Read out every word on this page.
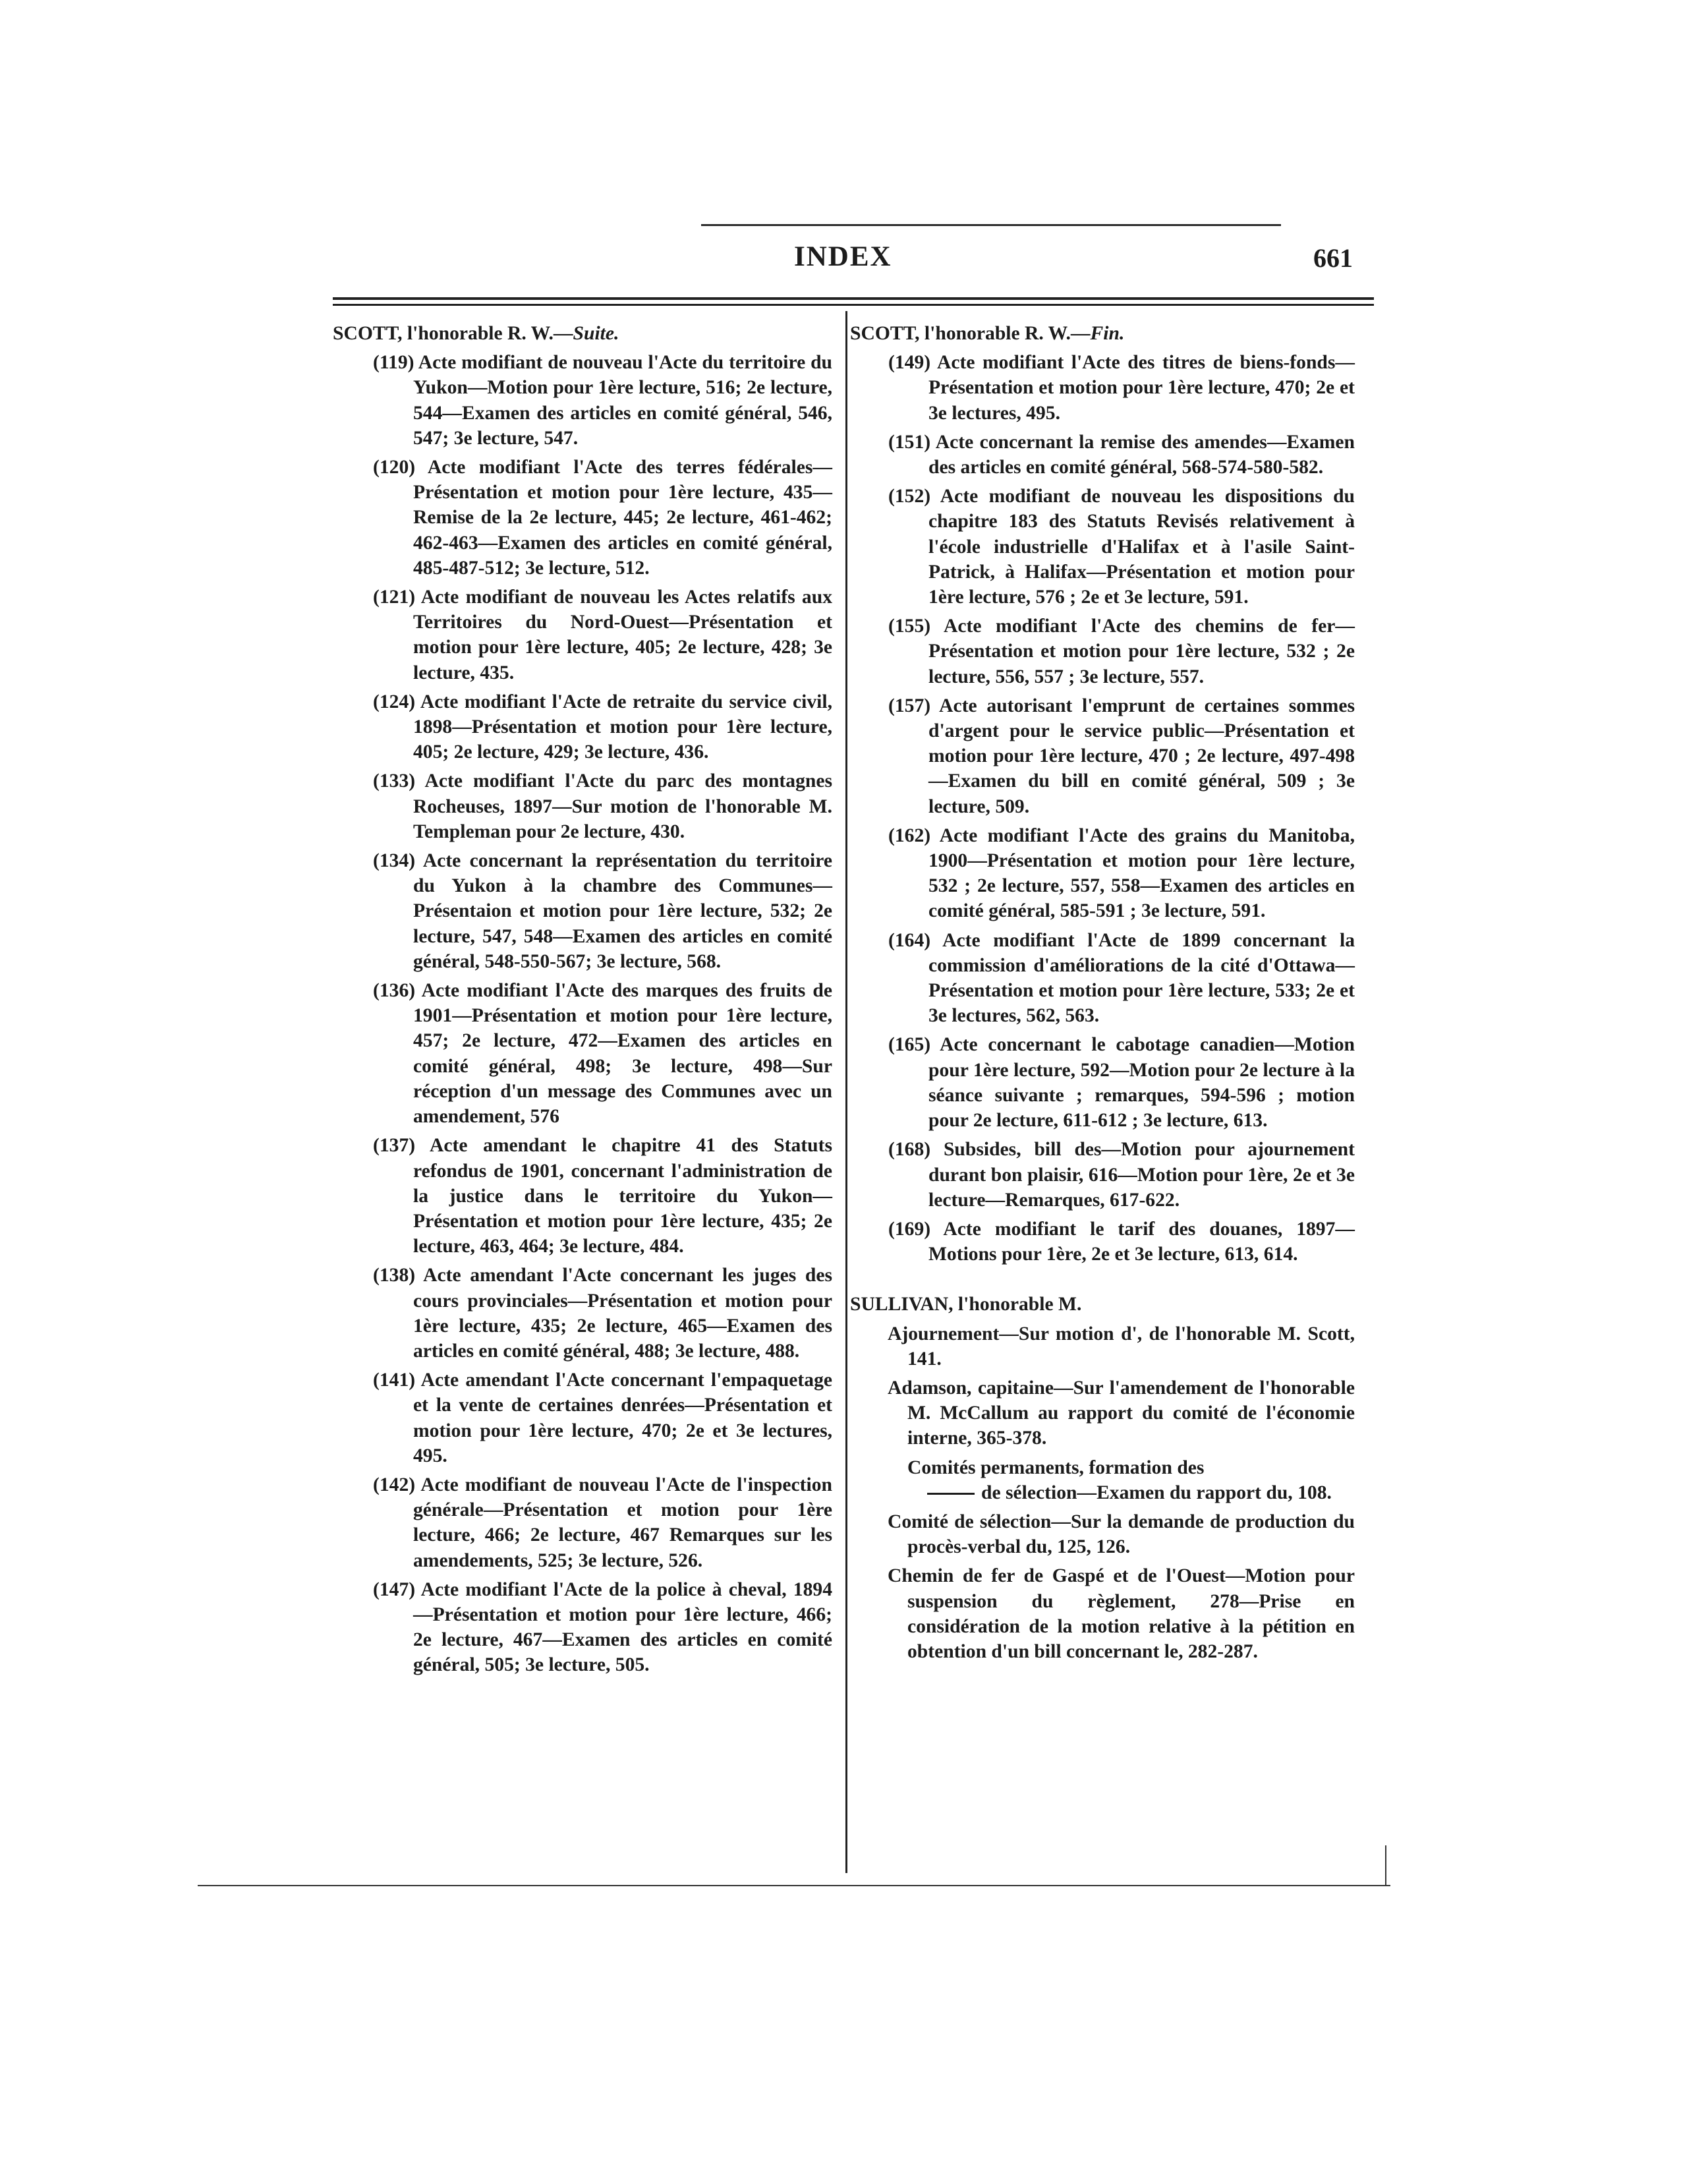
INDEX	661
SCOTT, l'honorable R. W.—Suite.
(119) Acte modifiant de nouveau l'Acte du territoire du Yukon—Motion pour 1ère lecture, 516; 2e lecture, 544—Examen des articles en comité général, 546, 547; 3e lecture, 547.
(120) Acte modifiant l'Acte des terres fédérales—Présentation et motion pour 1ère lecture, 435—Remise de la 2e lecture, 445; 2e lecture, 461-462; 462-463—Examen des articles en comité général, 485-487-512; 3e lecture, 512.
(121) Acte modifiant de nouveau les Actes relatifs aux Territoires du Nord-Ouest—Présentation et motion pour 1ère lecture, 405; 2e lecture, 428; 3e lecture, 435.
(124) Acte modifiant l'Acte de retraite du service civil, 1898—Présentation et motion pour 1ère lecture, 405; 2e lecture, 429; 3e lecture, 436.
(133) Acte modifiant l'Acte du parc des montagnes Rocheuses, 1897—Sur motion de l'honorable M. Templeman pour 2e lecture, 430.
(134) Acte concernant la représentation du territoire du Yukon à la chambre des Communes—Présentaion et motion pour 1ère lecture, 532; 2e lecture, 547, 548—Examen des articles en comité général, 548-550-567; 3e lecture, 568.
(136) Acte modifiant l'Acte des marques des fruits de 1901—Présentation et motion pour 1ère lecture, 457; 2e lecture, 472—Examen des articles en comité général, 498; 3e lecture, 498—Sur réception d'un message des Communes avec un amendement, 576
(137) Acte amendant le chapitre 41 des Statuts refondus de 1901, concernant l'administration de la justice dans le territoire du Yukon—Présentation et motion pour 1ère lecture, 435; 2e lecture, 463, 464; 3e lecture, 484.
(138) Acte amendant l'Acte concernant les juges des cours provinciales—Présentation et motion pour 1ère lecture, 435; 2e lecture, 465—Examen des articles en comité général, 488; 3e lecture, 488.
(141) Acte amendant l'Acte concernant l'empaquetage et la vente de certaines denrées—Présentation et motion pour 1ère lecture, 470; 2e et 3e lectures, 495.
(142) Acte modifiant de nouveau l'Acte de l'inspection générale—Présentation et motion pour 1ère lecture, 466; 2e lecture, 467 Remarques sur les amendements, 525; 3e lecture, 526.
(147) Acte modifiant l'Acte de la police à cheval, 1894—Présentation et motion pour 1ère lecture, 466; 2e lecture, 467—Examen des articles en comité général, 505; 3e lecture, 505.
SCOTT, l'honorable R. W.—Fin.
(149) Acte modifiant l'Acte des titres de biens-fonds—Présentation et motion pour 1ère lecture, 470; 2e et 3e lectures, 495.
(151) Acte concernant la remise des amendes—Examen des articles en comité général, 568-574-580-582.
(152) Acte modifiant de nouveau les dispositions du chapitre 183 des Statuts Revisés relativement à l'école industrielle d'Halifax et à l'asile Saint-Patrick, à Halifax—Présentation et motion pour 1ère lecture, 576 ; 2e et 3e lecture, 591.
(155) Acte modifiant l'Acte des chemins de fer—Présentation et motion pour 1ère lecture, 532 ; 2e lecture, 556, 557 ; 3e lecture, 557.
(157) Acte autorisant l'emprunt de certaines sommes d'argent pour le service public—Présentation et motion pour 1ère lecture, 470 ; 2e lecture, 497-498—Examen du bill en comité général, 509 ; 3e lecture, 509.
(162) Acte modifiant l'Acte des grains du Manitoba, 1900—Présentation et motion pour 1ère lecture, 532 ; 2e lecture, 557, 558—Examen des articles en comité général, 585-591 ; 3e lecture, 591.
(164) Acte modifiant l'Acte de 1899 concernant la commission d'améliorations de la cité d'Ottawa—Présentation et motion pour 1ère lecture, 533; 2e et 3e lectures, 562, 563.
(165) Acte concernant le cabotage canadien—Motion pour 1ère lecture, 592—Motion pour 2e lecture à la séance suivante ; remarques, 594-596 ; motion pour 2e lecture, 611-612 ; 3e lecture, 613.
(168) Subsides, bill des—Motion pour ajournement durant bon plaisir, 616—Motion pour 1ère, 2e et 3e lecture—Remarques, 617-622.
(169) Acte modifiant le tarif des douanes, 1897—Motions pour 1ère, 2e et 3e lecture, 613, 614.
SULLIVAN, l'honorable M.
Ajournement—Sur motion d', de l'honorable M. Scott, 141.
Adamson, capitaine—Sur l'amendement de l'honorable M. McCallum au rapport du comité de l'économie interne, 365-378.
Comités permanents, formation des
de sélection—Examen du rapport du, 108.
Comité de sélection—Sur la demande de production du procès-verbal du, 125, 126.
Chemin de fer de Gaspé et de l'Ouest—Motion pour suspension du règlement, 278—Prise en considération de la motion relative à la pétition en obtention d'un bill concernant le, 282-287.
